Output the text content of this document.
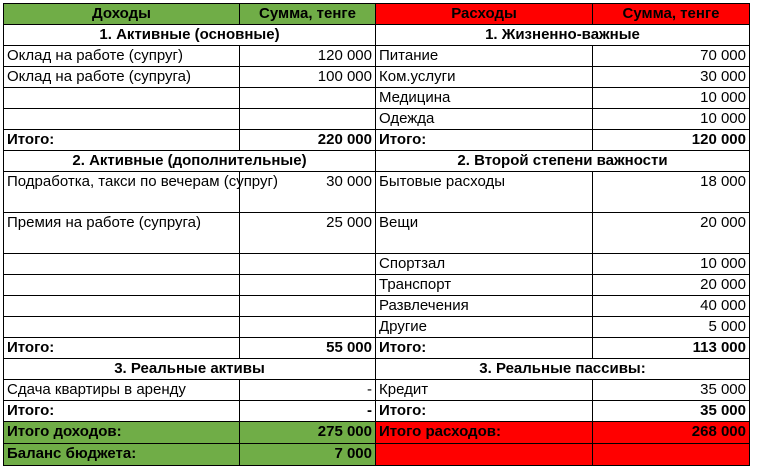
Доходы	Сумма, тенге	Расходы	Сумма, тенге
1. Активные (основные)		1. Жизненно-важные	
Оклад на работе (супруг)	120 000	Питание	70 000
Оклад на работе (супруга)	100 000	Ком.услуги	30 000
		Медицина	10 000
		Одежда	10 000
Итого:	220 000	Итого:	120 000
2. Активные (дополнительные)		2. Второй степени важности	
Подработка, такси по вечерам (супруг)	30 000	Бытовые расходы	18 000
Премия на работе (супруга)	25 000	Вещи	20 000
		Спортзал	10 000
		Транспорт	20 000
		Развлечения	40 000
		Другие	5 000
Итого:	55 000	Итого:	113 000
3. Реальные активы		3. Реальные пассивы:	
Сдача квартиры в аренду	-	Кредит	35 000
Итого:	-	Итого:	35 000
Итого доходов:	275 000	Итого расходов:	268 000
Баланс бюджета:	7 000		
